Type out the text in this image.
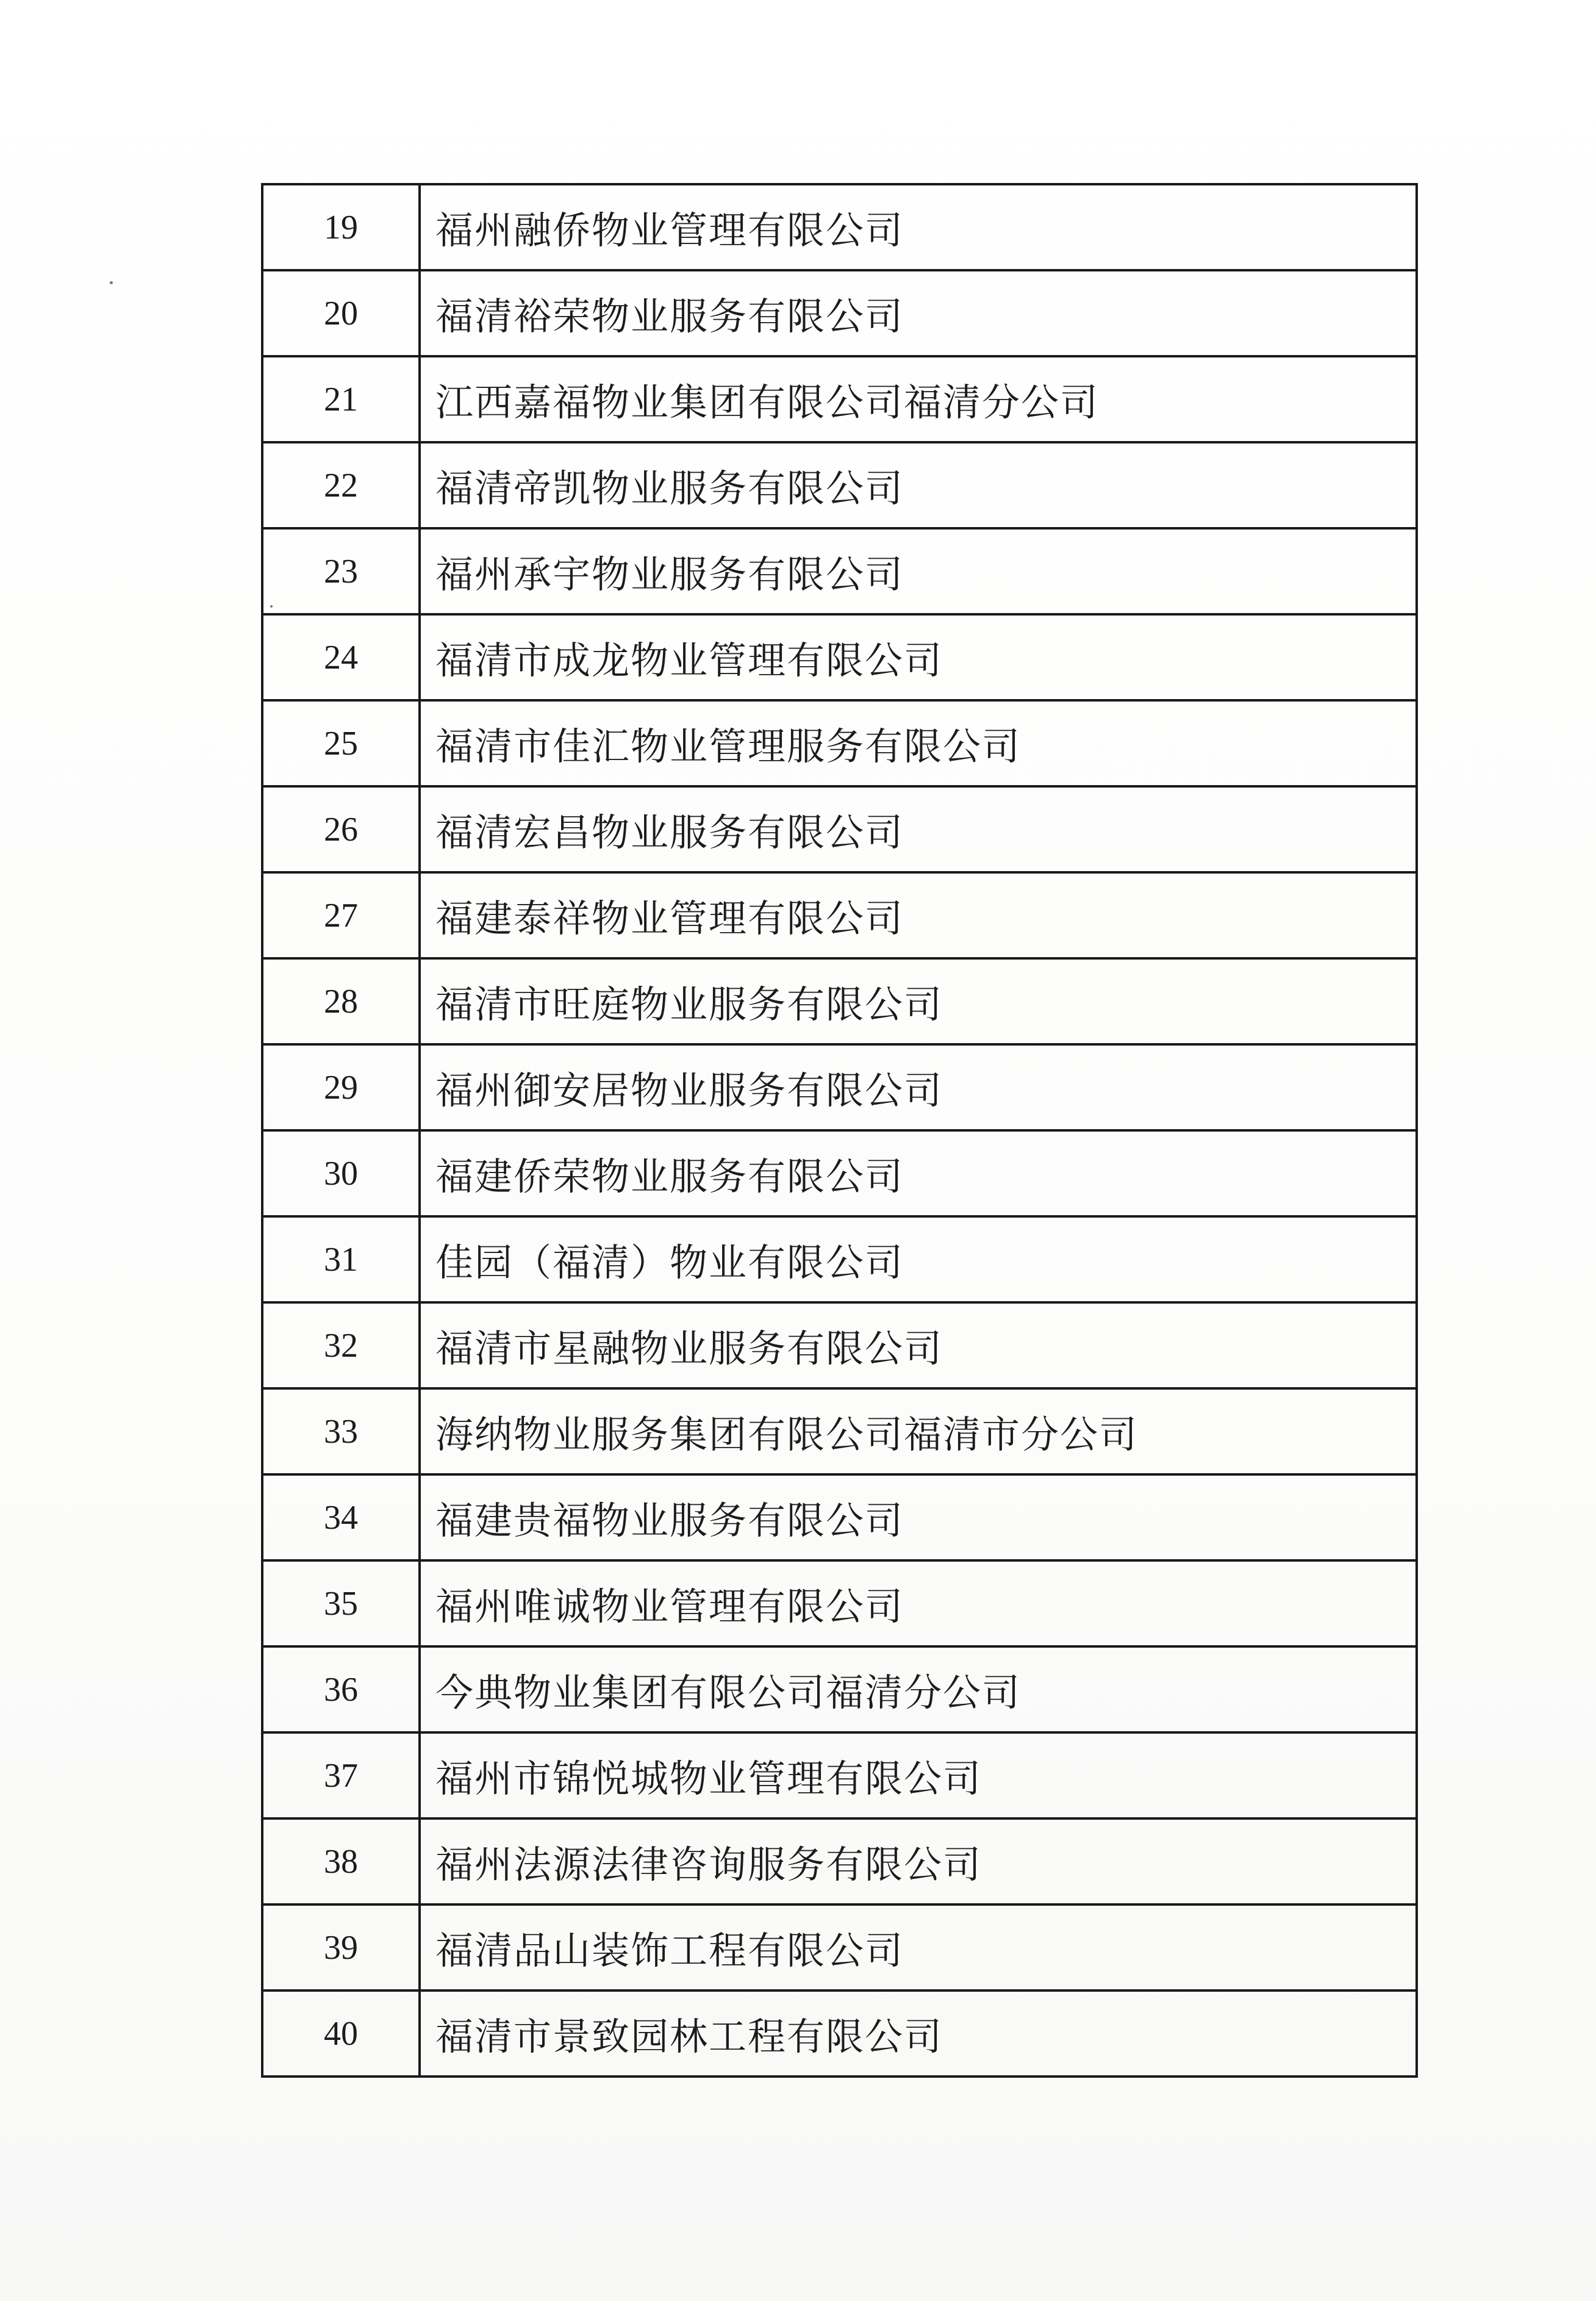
19	福州融侨物业管理有限公司
20	福清裕荣物业服务有限公司
21	江西嘉福物业集团有限公司福清分公司
22	福清帝凯物业服务有限公司
23	福州承宇物业服务有限公司
24	福清市成龙物业管理有限公司
25	福清市佳汇物业管理服务有限公司
26	福清宏昌物业服务有限公司
27	福建泰祥物业管理有限公司
28	福清市旺庭物业服务有限公司
29	福州御安居物业服务有限公司
30	福建侨荣物业服务有限公司
31	佳园（福清）物业有限公司
32	福清市星融物业服务有限公司
33	海纳物业服务集团有限公司福清市分公司
34	福建贵福物业服务有限公司
35	福州唯诚物业管理有限公司
36	今典物业集团有限公司福清分公司
37	福州市锦悦城物业管理有限公司
38	福州法源法律咨询服务有限公司
39	福清品山装饰工程有限公司
40	福清市景致园林工程有限公司
